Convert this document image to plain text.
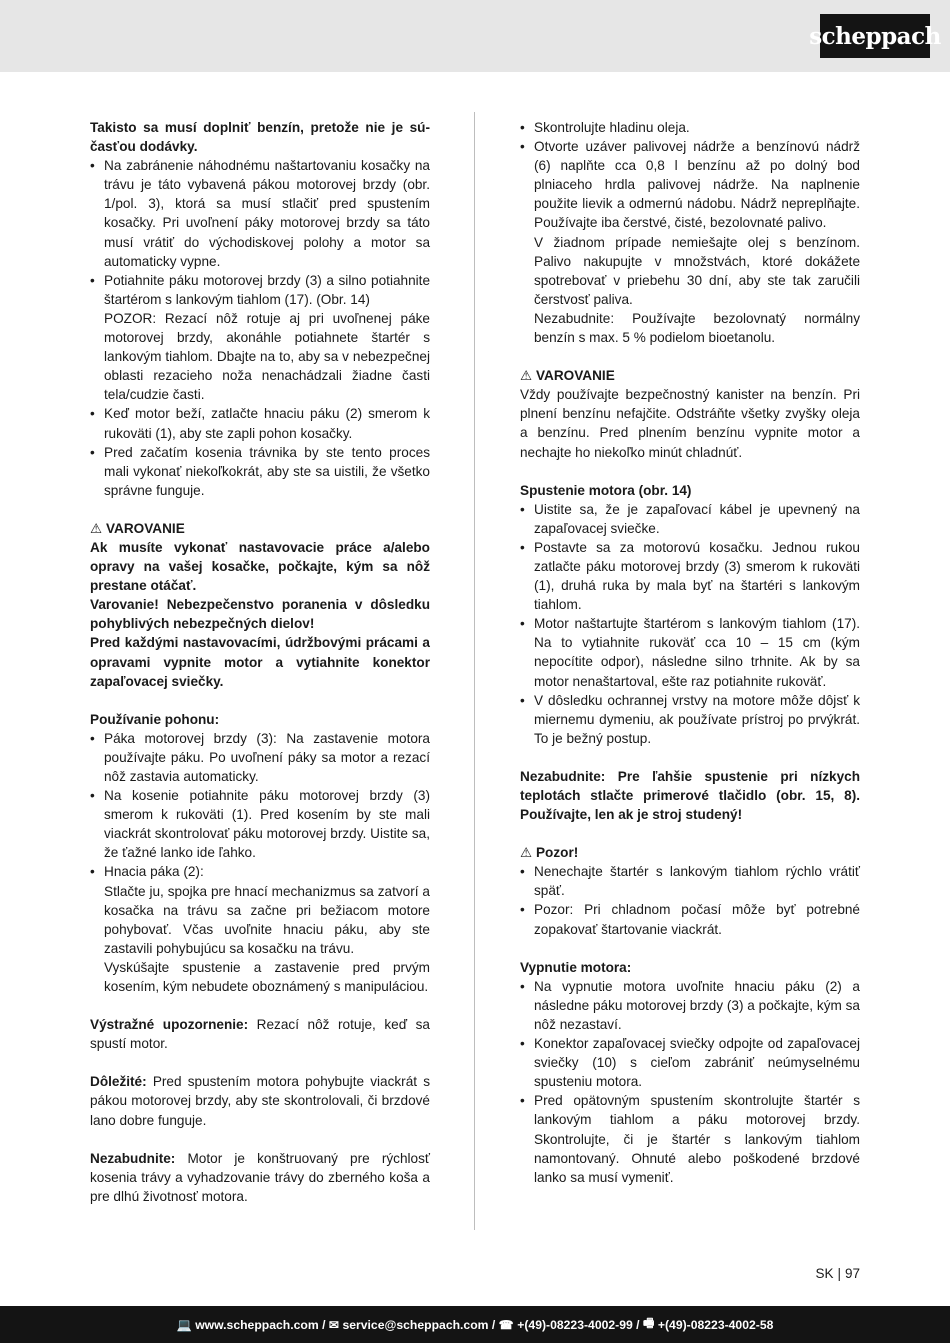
scheppach

Takisto sa musí doplniť benzín, pretože nie je sú-časťou dodávky.

• Na zabránenie náhodnému naštartovaniu kosačky na trávu je táto vybavená pákou motorovej brzdy (obr. 1/pol. 3), ktorá sa musí stlačiť pred spustením kosačky. Pri uvoľnení páky motorovej brzdy sa táto musí vrátiť do východiskovej polohy a motor sa automaticky vypne.

• Potiahnite páku motorovej brzdy (3) a silno potiahnite štartérom s lankovým tiahlom (17). (Obr. 14)

POZOR: Rezací nôž rotuje aj pri uvoľnenej páke motorovej brzdy, akonáhle potiahnete štartér s lankovým tiahlom. Dbajte na to, aby sa v nebezpečnej oblasti rezacieho noža nenachádzali žiadne časti tela/cudzie časti.

• Keď motor beží, zatlačte hnaciu páku (2) smerom k rukoväti (1), aby ste zapli pohon kosačky.

• Pred začatím kosenia trávnika by ste tento proces mali vykonať niekoľkokrát, aby ste sa uistili, že všetko správne funguje.

⚠ VAROVANIE

Ak musíte vykonať nastavovacie práce a/alebo opravy na vašej kosačke, počkajte, kým sa nôž prestane otáčať.

Varovanie! Nebezpečenstvo poranenia v dôsledku pohyblivých nebezpečných dielov!

Pred každými nastavovacími, údržbovými prácami a opravami vypnite motor a vytiahnite konektor zapaľovacej sviečky.

Používanie pohonu:

• Páka motorovej brzdy (3): Na zastavenie motora používajte páku. Po uvoľnení páky sa motor a rezací nôž zastavia automaticky.

• Na kosenie potiahnite páku motorovej brzdy (3) smerom k rukoväti (1). Pred kosením by ste mali viackrát skontrolovať páku motorovej brzdy. Uistite sa, že ťažné lanko ide ľahko.

• Hnacia páka (2):

Stlačte ju, spojka pre hnací mechanizmus sa zatvorí a kosačka na trávu sa začne pri bežiacom motore pohybovať. Včas uvoľnite hnaciu páku, aby ste zastavili pohybujúcu sa kosačku na trávu.

Vyskúšajte spustenie a zastavenie pred prvým kosením, kým nebudete oboznámený s manipuláciou.

Výstražné upozornenie: Rezací nôž rotuje, keď sa spustí motor.

Dôležité: Pred spustením motora pohybujte viackrát s pákou motorovej brzdy, aby ste skontrolovali, či brzdové lano dobre funguje.

Nezabudnite: Motor je konštruovaný pre rýchlosť kosenia trávy a vyhadzovanie trávy do zberného koša a pre dlhú životnosť motora.

• Skontrolujte hladinu oleja.

• Otvorte uzáver palivovej nádrže a benzínovú nádrž (6) naplňte cca 0,8 l benzínu až po dolný bod plniaceho hrdla palivovej nádrže. Na naplnenie použite lievik a odmernú nádobu. Nádrž nepreplňajte. Používajte iba čerstvé, čisté, bezolovnaté palivo.

V žiadnom prípade nemiešajte olej s benzínom. Palivo nakupujte v množstvách, ktoré dokážete spotrebovať v priebehu 30 dní, aby ste tak zaručili čerstvosť paliva.

Nezabudnite: Používajte bezolovnatý normálny benzín s max. 5 % podielom bioetanolu.

⚠ VAROVANIE

Vždy používajte bezpečnostný kanister na benzín. Pri plnení benzínu nefajčite. Odstráňte všetky zvyšky oleja a benzínu. Pred plnením benzínu vypnite motor a nechajte ho niekoľko minút chladnúť.

Spustenie motora (obr. 14)

• Uistite sa, že je zapaľovací kábel je upevnený na zapaľovacej sviečke.

• Postavte sa za motorovú kosačku. Jednou rukou zatlačte páku motorovej brzdy (3) smerom k rukoväti (1), druhá ruka by mala byť na štartéri s lankovým tiahlom.

• Motor naštartujte štartérom s lankovým tiahlom (17). Na to vytiahnite rukoväť cca 10 – 15 cm (kým nepocítite odpor), následne silno trhnite. Ak by sa motor nenaštartoval, ešte raz potiahnite rukoväť.

• V dôsledku ochrannej vrstvy na motore môže dôjsť k miernemu dymeniu, ak používate prístroj po prvýkrát. To je bežný postup.

Nezabudnite: Pre ľahšie spustenie pri nízkych teplotách stlačte primerové tlačidlo (obr. 15, 8). Používajte, len ak je stroj studený!

⚠ Pozor!

• Nenechajte štartér s lankovým tiahlom rýchlo vrátiť späť.

• Pozor: Pri chladnom počasí môže byť potrebné zopakovať štartovanie viackrát.

Vypnutie motora:

• Na vypnutie motora uvoľnite hnaciu páku (2) a následne páku motorovej brzdy (3) a počkajte, kým sa nôž nezastaví.

• Konektor zapaľovacej sviečky odpojte od zapaľovacej sviečky (10) s cieľom zabrániť neúmyselnému spusteniu motora.

• Pred opätovným spustením skontrolujte štartér s lankovým tiahlom a páku motorovej brzdy. Skontrolujte, či je štartér s lankovým tiahlom namontovaný. Ohnuté alebo poškodené brzdové lanko sa musí vymeniť.

SK | 97
💻
www.scheppach.com / ✉
service@scheppach.com / ☎
+(49)-08223-4002-99 / 🖷
+(49)-08223-4002-58
